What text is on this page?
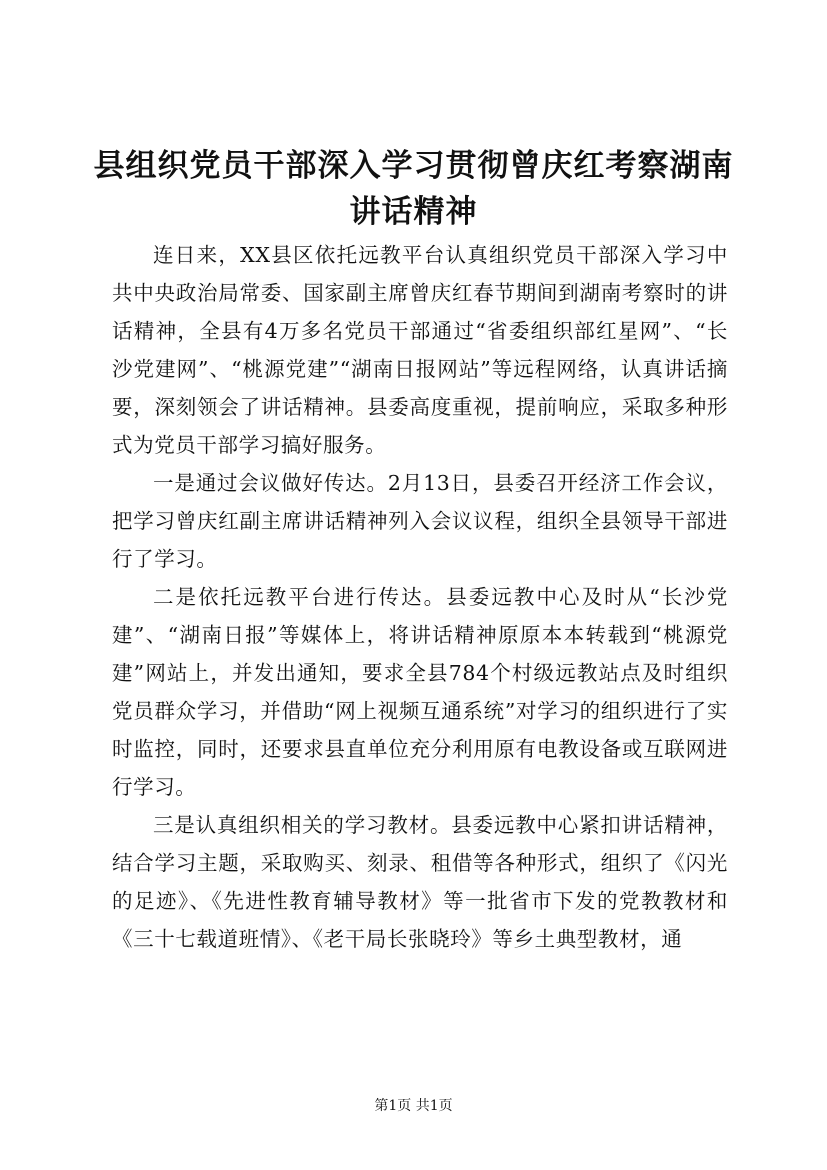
县组织党员干部深入学习贯彻曾庆红考察湖南
讲话精神

连日来，XX县区依托远教平台认真组织党员干部深入学习中共中央政治局常委、国家副主席曾庆红春节期间到湖南考察时的讲话精神，全县有4万多名党员干部通过“省委组织部红星网”、“长沙党建网”、“桃源党建”“湖南日报网站”等远程网络，认真讲话摘要，深刻领会了讲话精神。县委高度重视，提前响应，采取多种形式为党员干部学习搞好服务。

一是通过会议做好传达。2月13日，县委召开经济工作会议，把学习曾庆红副主席讲话精神列入会议议程，组织全县领导干部进行了学习。

二是依托远教平台进行传达。县委远教中心及时从“长沙党建”、“湖南日报”等媒体上，将讲话精神原原本本转载到“桃源党建”网站上，并发出通知，要求全县784个村级远教站点及时组织党员群众学习，并借助“网上视频互通系统”对学习的组织进行了实时监控，同时，还要求县直单位充分利用原有电教设备或互联网进行学习。

三是认真组织相关的学习教材。县委远教中心紧扣讲话精神，结合学习主题，采取购买、刻录、租借等各种形式，组织了《闪光的足迹》、《先进性教育辅导教材》等一批省市下发的党教教材和《三十七载道班情》、《老干局长张晓玲》等乡土典型教材，通

第1页 共1页
